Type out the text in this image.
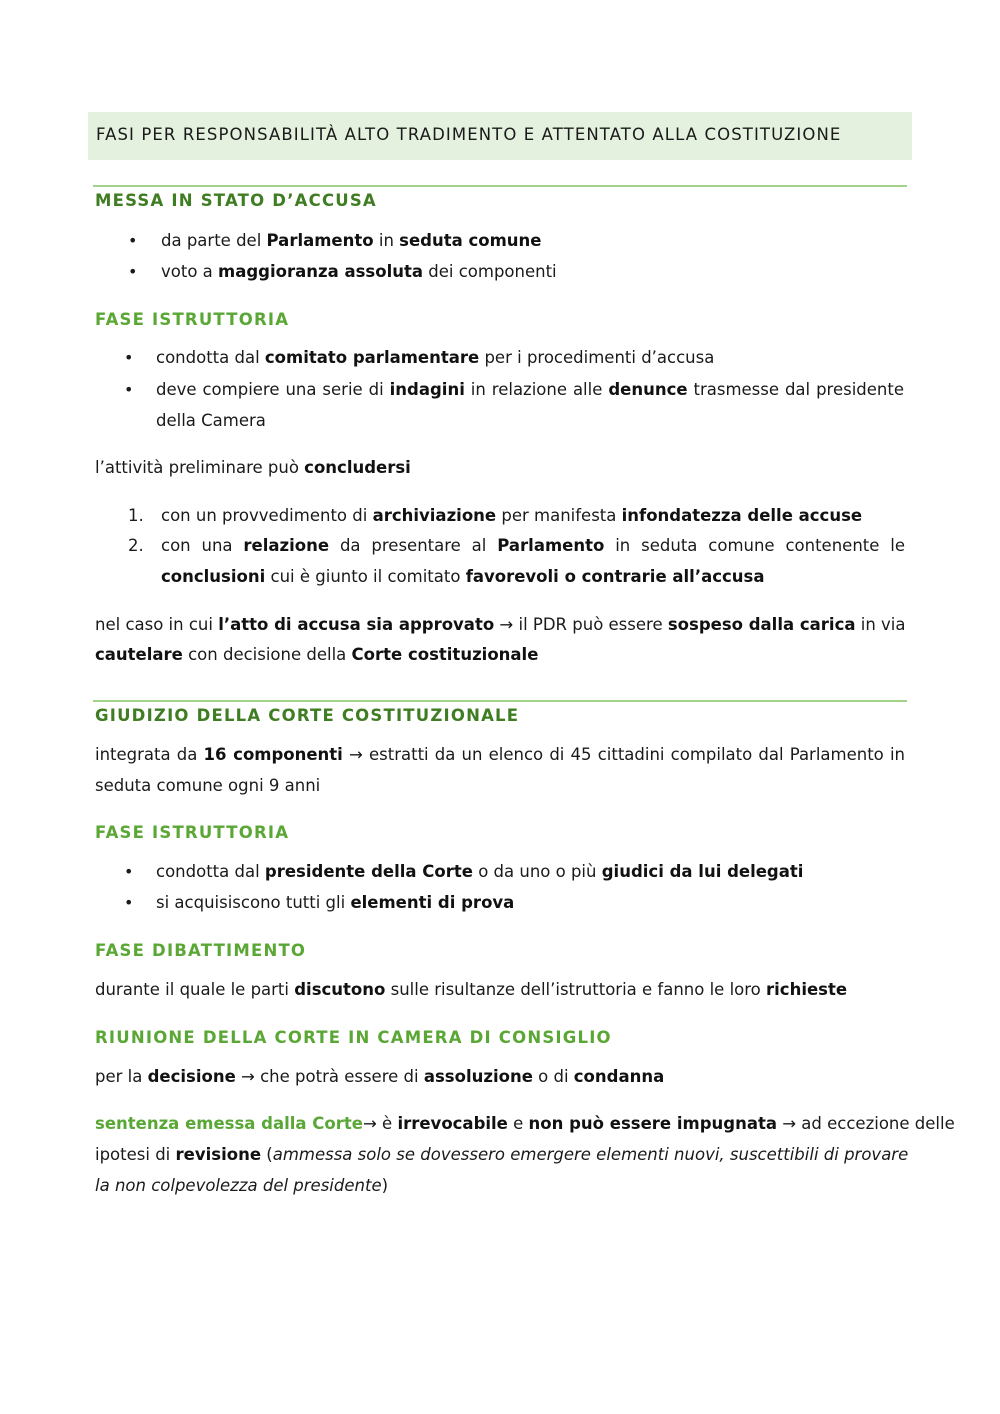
FASI PER RESPONSABILITÀ ALTO TRADIMENTO E ATTENTATO ALLA COSTITUZIONE
MESSA IN STATO D’ACCUSA
• da parte del Parlamento in seduta comune
• voto a maggioranza assoluta dei componenti
FASE ISTRUTTORIA
• condotta dal comitato parlamentare per i procedimenti d’accusa
• deve compiere una serie di indagini in relazione alle denunce trasmesse dal presidente
della Camera
l’attività preliminare può concludersi
1. con un provvedimento di archiviazione per manifesta infondatezza delle accuse
2. con una relazione da presentare al Parlamento in seduta comune contenente le
conclusioni cui è giunto il comitato favorevoli o contrarie all’accusa
nel caso in cui l’atto di accusa sia approvato → il PDR può essere sospeso dalla carica in via
cautelare con decisione della Corte costituzionale
GIUDIZIO DELLA CORTE COSTITUZIONALE
integrata da 16 componenti → estratti da un elenco di 45 cittadini compilato dal Parlamento in
seduta comune ogni 9 anni
FASE ISTRUTTORIA
• condotta dal presidente della Corte o da uno o più giudici da lui delegati
• si acquisiscono tutti gli elementi di prova
FASE DIBATTIMENTO
durante il quale le parti discutono sulle risultanze dell’istruttoria e fanno le loro richieste
RIUNIONE DELLA CORTE IN CAMERA DI CONSIGLIO
per la decisione → che potrà essere di assoluzione o di condanna
sentenza emessa dalla Corte→ è irrevocabile e non può essere impugnata → ad eccezione delle
ipotesi di revisione (ammessa solo se dovessero emergere elementi nuovi, suscettibili di provare
la non colpevolezza del presidente)
